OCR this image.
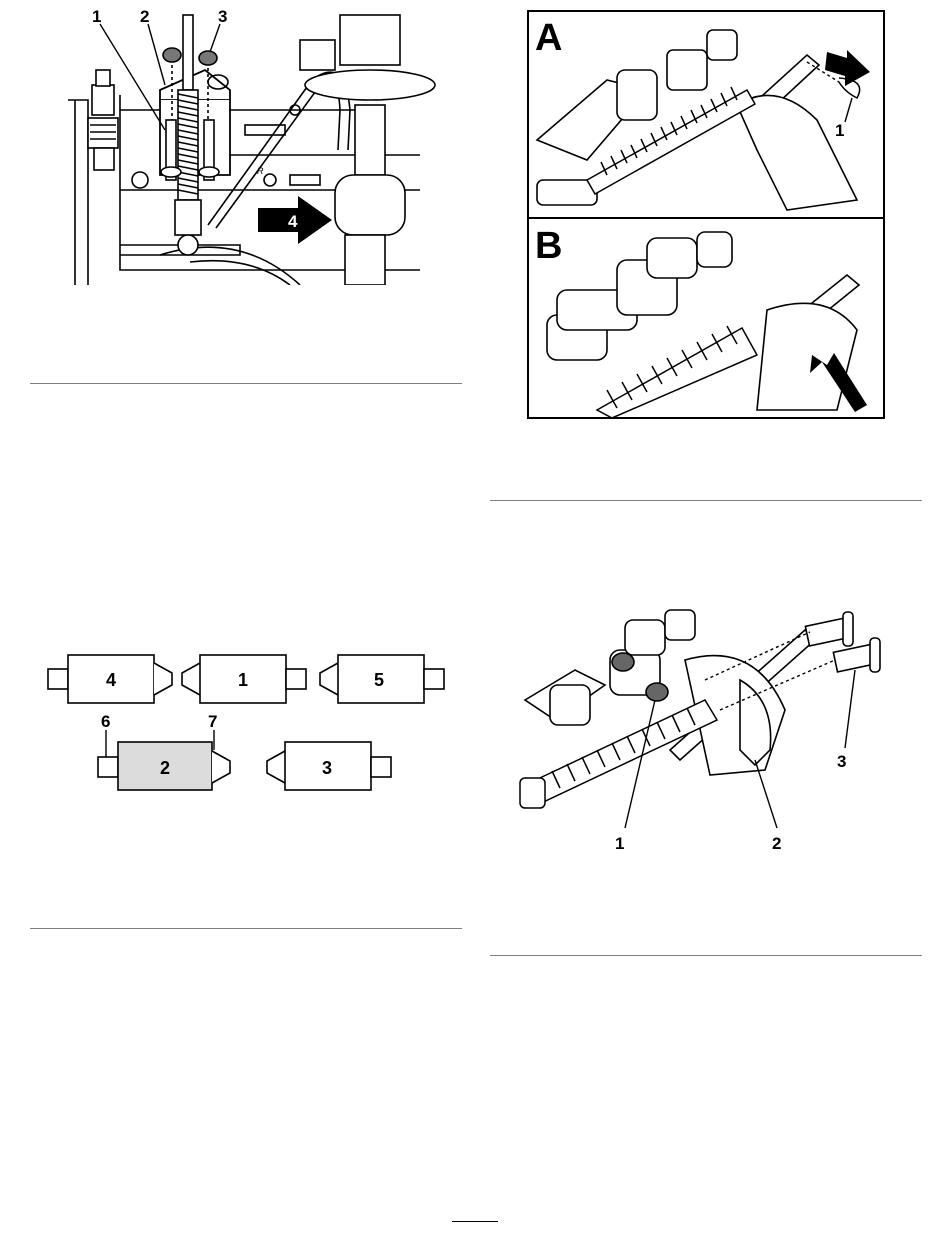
4
R
1 2	3
A
1
B
4	1	5
2	3
6	7
1	2
3
